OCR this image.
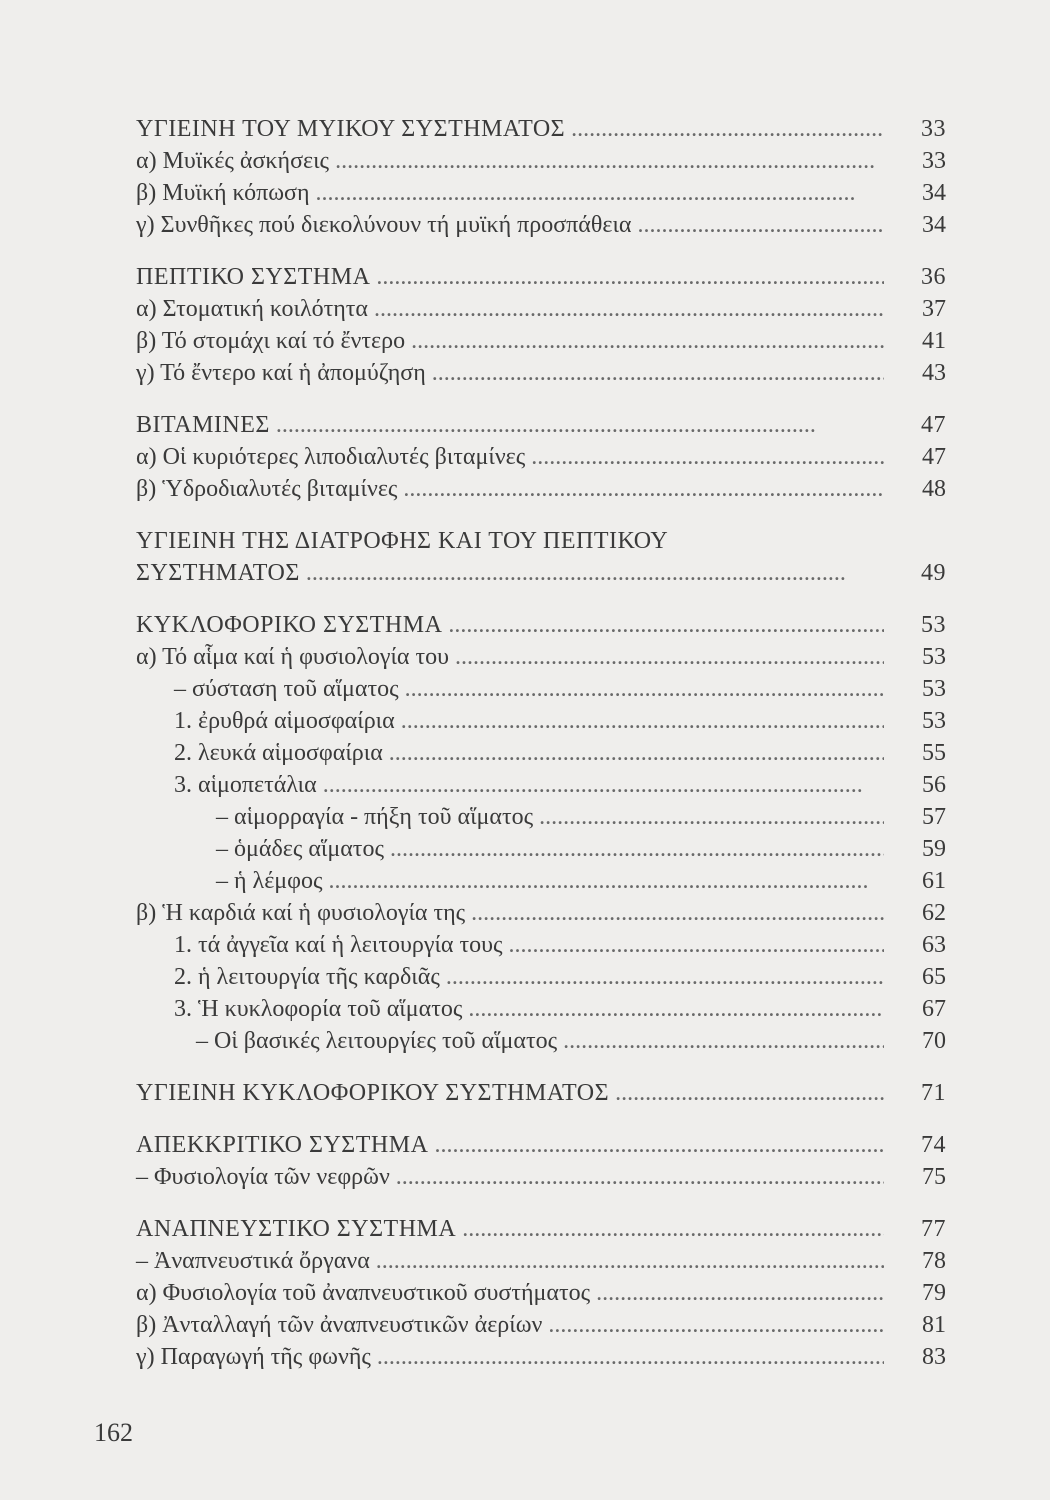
ΥΓΙΕΙΝΗ ΤΟΥ ΜΥΙΚΟΥ ΣΥΣΤΗΜΑΤΟΣ . . .	33
α) Μυϊκές ἀσκήσεις . . .	33
β) Μυϊκή κόπωση . . .	34
γ) Συνθῆκες πού διεκολύνουν τή μυϊκή προσπάθεια . . .	34
ΠΕΠΤΙΚΟ ΣΥΣΤΗΜΑ . . .	36
α) Στοματική κοιλότητα . . .	37
β) Τό στομάχι καί τό ἔντερο . . .	41
γ) Τό ἔντερο καί ἡ ἀπομύζηση . . .	43
ΒΙΤΑΜΙΝΕΣ . . .	47
α) Οἱ κυριότερες λιποδιαλυτές βιταμίνες . . .	47
β) Ὑδροδιαλυτές βιταμίνες . . .	48
ΥΓΙΕΙΝΗ ΤΗΣ ΔΙΑΤΡΟΦΗΣ ΚΑΙ ΤΟΥ ΠΕΠΤΙΚΟΥ
ΣΥΣΤΗΜΑΤΟΣ . . .	49
ΚΥΚΛΟΦΟΡΙΚΟ ΣΥΣΤΗΜΑ . . .	53
α) Τό αἷμα καί ἡ φυσιολογία του . . .	53
– σύσταση τοῦ αἵματος . . .	53
1. ἐρυθρά αἱμοσφαίρια . . .	53
2. λευκά αἱμοσφαίρια . . .	55
3. αἱμοπετάλια . . .	56
– αἱμορραγία - πήξη τοῦ αἵματος . . .	57
– ὁμάδες αἵματος . . .	59
– ἡ λέμφος . . .	61
β) Ἡ καρδιά καί ἡ φυσιολογία της . . .	62
1. τά ἀγγεῖα καί ἡ λειτουργία τους . . .	63
2. ἡ λειτουργία τῆς καρδιᾶς . . .	65
3. Ἡ κυκλοφορία τοῦ αἵματος . . .	67
– Οἱ βασικές λειτουργίες τοῦ αἵματος . . .	70
ΥΓΙΕΙΝΗ ΚΥΚΛΟΦΟΡΙΚΟΥ ΣΥΣΤΗΜΑΤΟΣ . . .	71
ΑΠΕΚΚΡΙΤΙΚΟ ΣΥΣΤΗΜΑ . . .	74
– Φυσιολογία τῶν νεφρῶν . . .	75
ΑΝΑΠΝΕΥΣΤΙΚΟ ΣΥΣΤΗΜΑ . . .	77
– Ἀναπνευστικά ὄργανα . . .	78
α) Φυσιολογία τοῦ ἀναπνευστικοῦ συστήματος . . .	79
β) Ἀνταλλαγή τῶν ἀναπνευστικῶν ἀερίων . . .	81
γ) Παραγωγή τῆς φωνῆς . . .	83
162
